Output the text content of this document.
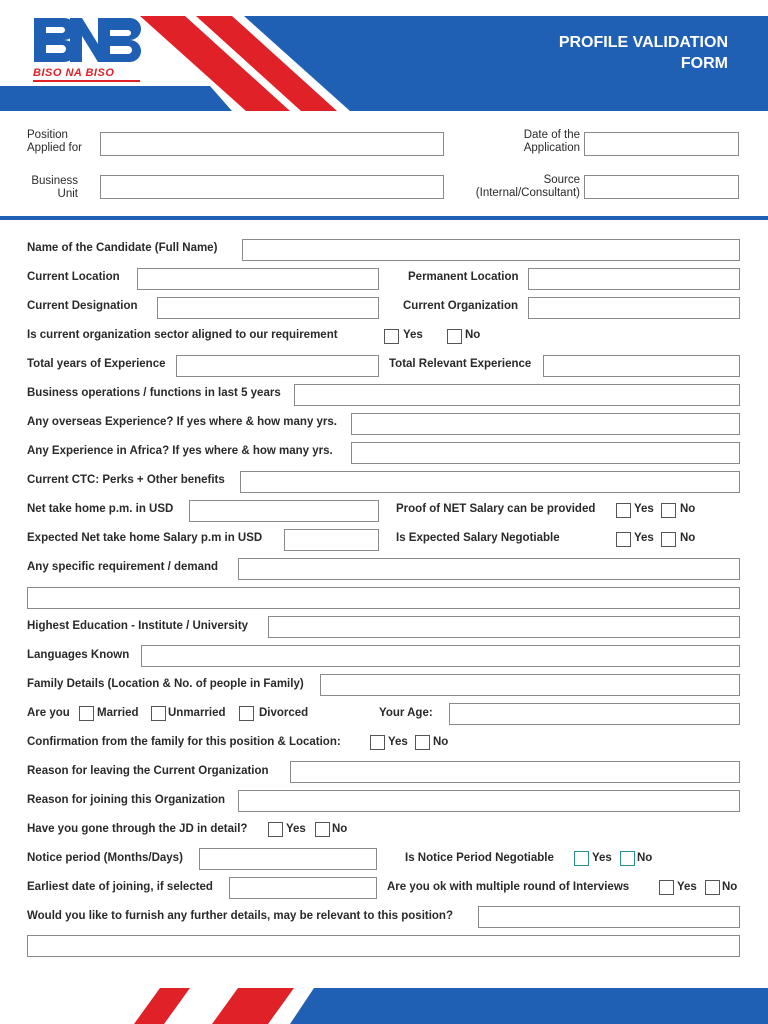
BISO NA BISO
PROFILE VALIDATION
FORM
Position
Applied for
Date of the
Application
Business
Unit
Source
(Internal/Consultant)
Name of the Candidate (Full Name)
Current Location	Permanent Location
Current Designation	Current Organization
Is current organization sector aligned to our requirement	Yes	No
Total years of Experience	Total Relevant Experience
Business operations / functions in last 5 years
Any overseas Experience? If yes where & how many yrs.
Any Experience in Africa? If yes where & how many yrs.
Current CTC: Perks + Other benefits
Net take home p.m. in USD	Proof of NET Salary can be provided	Yes No
Expected Net take home Salary p.m in USD	Is Expected Salary Negotiable	Yes No
Any specific requirement / demand
Highest Education - Institute / University
Languages Known
Family Details (Location & No. of people in Family)
Are you Married	Unmarried	Divorced	Your Age:
Confirmation from the family for this position & Location:	Yes No
Reason for leaving the Current Organization
Reason for joining this Organization
Have you gone through the JD in detail?	Yes No
Notice period (Months/Days)	Is Notice Period Negotiable	Yes No
Earliest date of joining, if selected	Are you ok with multiple round of Interviews	Yes No
Would you like to furnish any further details, may be relevant to this position?
